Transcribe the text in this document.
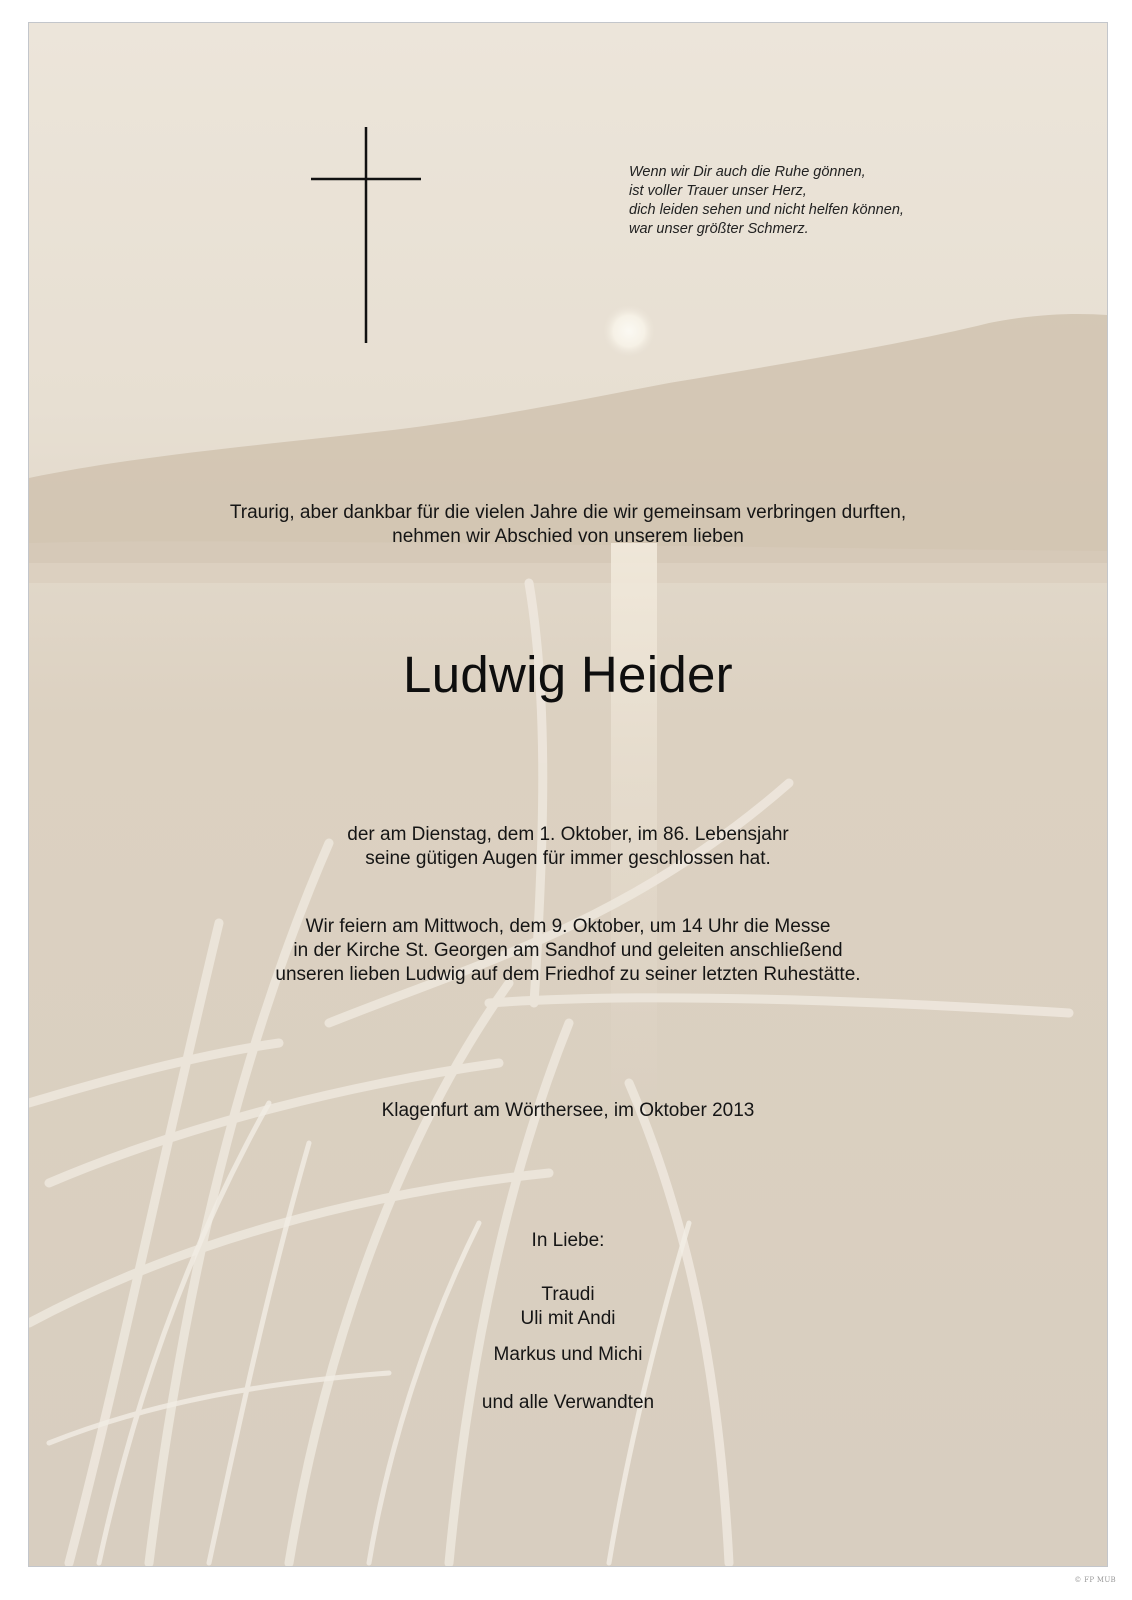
Wenn wir Dir auch die Ruhe gönnen,
ist voller Trauer unser Herz,
dich leiden sehen und nicht helfen können,
war unser größter Schmerz.
Traurig, aber dankbar für die vielen Jahre die wir gemeinsam verbringen durften,
nehmen wir Abschied von unserem lieben
Ludwig Heider
der am Dienstag, dem 1. Oktober, im 86. Lebensjahr
seine gütigen Augen für immer geschlossen hat.
Wir feiern am Mittwoch, dem 9. Oktober, um 14 Uhr die Messe
in der Kirche St. Georgen am Sandhof und geleiten anschließend
unseren lieben Ludwig auf dem Friedhof zu seiner letzten Ruhestätte.
Klagenfurt am Wörthersee, im Oktober 2013
In Liebe:
Traudi
Uli mit Andi
Markus und Michi
und alle Verwandten
© FP MUB
